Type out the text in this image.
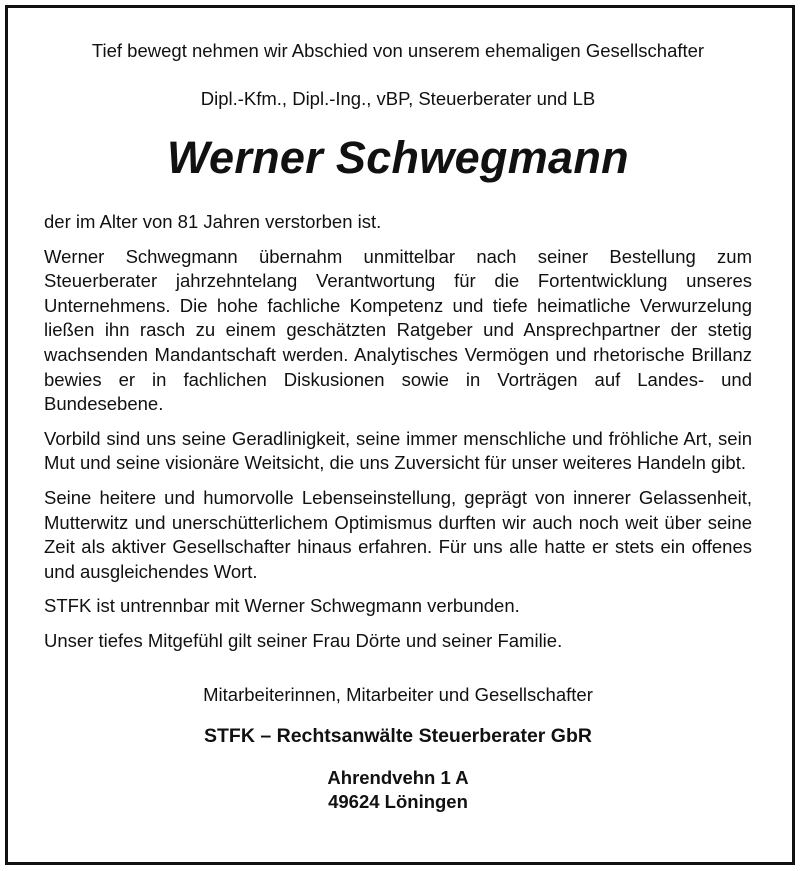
Tief bewegt nehmen wir Abschied von unserem ehemaligen Gesellschafter
Dipl.-Kfm., Dipl.-Ing., vBP, Steuerberater und LB
Werner Schwegmann

der im Alter von 81 Jahren verstorben ist.

Werner Schwegmann übernahm unmittelbar nach seiner Bestellung zum Steuerberater jahrzehntelang Verantwortung für die Fortentwicklung unseres Unternehmens. Die hohe fachliche Kompetenz und tiefe heimatliche Verwurzelung ließen ihn rasch zu einem geschätzten Ratgeber und Ansprechpartner der stetig wachsenden Mandantschaft werden. Analytisches Vermögen und rhetorische Brillanz bewies er in fachlichen Diskusionen sowie in Vorträgen auf Landes- und Bundesebene.

Vorbild sind uns seine Geradlinigkeit, seine immer menschliche und fröhliche Art, sein Mut und seine visionäre Weitsicht, die uns Zuversicht für unser weiteres Handeln gibt.

Seine heitere und humorvolle Lebenseinstellung, geprägt von innerer Gelassenheit, Mutterwitz und unerschütterlichem Optimismus durften wir auch noch weit über seine Zeit als aktiver Gesellschafter hinaus erfahren. Für uns alle hatte er stets ein offenes und ausgleichendes Wort.

STFK ist untrennbar mit Werner Schwegmann verbunden.

Unser tiefes Mitgefühl gilt seiner Frau Dörte und seiner Familie.

Mitarbeiterinnen, Mitarbeiter und Gesellschafter
STFK – Rechtsanwälte Steuerberater GbR
Ahrendvehn 1 A
49624 Löningen
